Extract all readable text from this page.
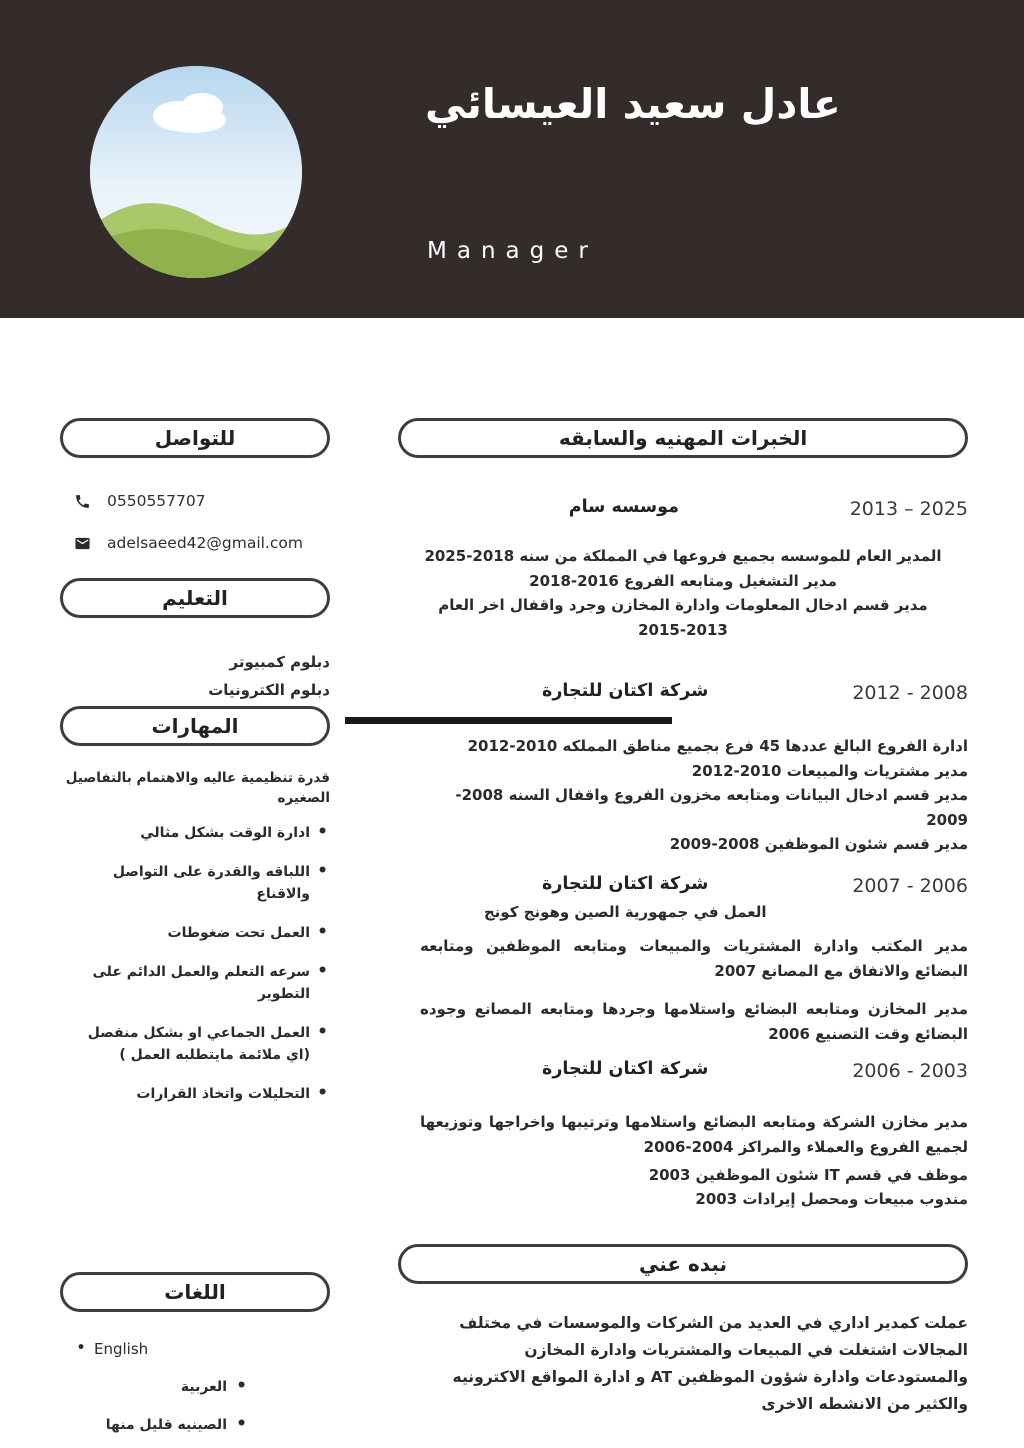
عادل سعيد العيسائي
Manager
للتواصل
0550557707
adelsaeed42@gmail.com
التعليم
دبلوم كمبيوتر
دبلوم الكترونيات
المهارات
قدرة تنظيمية عاليه والاهتمام بالتفاصيل الصغيره
• ادارة الوقت بشكل مثالي
• اللباقه والقدرة على التواصل والاقناع
• العمل تحت ضغوطات
• سرعه التعلم والعمل الدائم على التطوير
• العمل الجماعي او بشكل منفصل (اي ملائمة مايتطلبه العمل )
• التحليلات واتخاذ القرارات
اللغات
• English
• العربية
• الصينيه قليل منها
الخبرات المهنيه والسابقه
2013 – 2025
موسسه سام
المدير العام للموسسه بجميع فروعها في المملكة من سنه 2018-2025
مدير التشغيل ومتابعه الفروع 2016-2018
مدير قسم ادخال المعلومات وادارة المخازن وجرد واقفال اخر العام 2013-2015
2012 - 2008
شركة اكتان للتجارة
ادارة الفروع البالغ عددها 45 فرع بجميع مناطق المملكه 2010-2012
مدير مشتريات والمبيعات 2010-2012
مدير قسم ادخال البيانات ومتابعه مخزون الفروع واقفال السنه 2008-2009
مدير قسم شئون الموظفين 2008-2009
2007 - 2006
شركة اكتان للتجارة
العمل في جمهورية الصين وهونج كونج

مدير المكتب وادارة المشتريات والمبيعات ومتابعه الموظفين ومتابعه البضائع والاتفاق مع المصانع 2007

مدير المخازن ومتابعه البضائع واستلامها وجردها ومتابعه المصانع وجوده البضائع وقت التصنيع 2006

2006 - 2003
شركة اكتان للتجارة

مدير مخازن الشركة ومتابعه البضائع واستلامها وترتيبها واخراجها وتوزيعها لجميع الفروع والعملاء والمراكز 2004-2006

موظف في قسم IT شئون الموظفين 2003
مندوب مبيعات ومحصل إيرادات 2003
نبده عني

عملت كمدير اداري في العديد من الشركات والموسسات في مختلف المجالات اشتغلت في المبيعات والمشتريات وادارة المخازن والمستودعات وادارة شؤون الموظفين AT و ادارة المواقع الاكترونيه والكثير من الانشطه الاخرى
